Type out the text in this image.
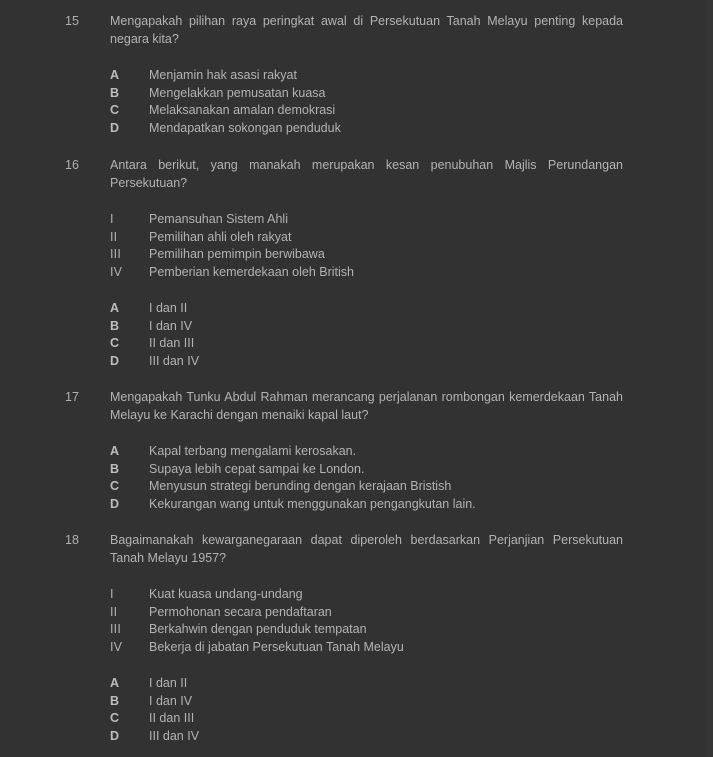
15	Mengapakah pilihan raya peringkat awal di Persekutuan Tanah Melayu penting kepada negara kita?

A	Menjamin hak asasi rakyat
B	Mengelakkan pemusatan kuasa
C	Melaksanakan amalan demokrasi
D	Mendapatkan sokongan penduduk
16	Antara berikut, yang manakah merupakan kesan penubuhan Majlis Perundangan Persekutuan?

I	Pemansuhan Sistem Ahli
II	Pemilihan ahli oleh rakyat
III	Pemilihan pemimpin berwibawa
IV	Pemberian kemerdekaan oleh British
A	I dan II
B	I dan IV
C	II dan III
D	III dan IV
17	Mengapakah Tunku Abdul Rahman merancang perjalanan rombongan kemerdekaan Tanah Melayu ke Karachi dengan menaiki kapal laut?

A	Kapal terbang mengalami kerosakan.
B	Supaya lebih cepat sampai ke London.
C	Menyusun strategi berunding dengan kerajaan Bristish
D	Kekurangan wang untuk menggunakan pengangkutan lain.
18	Bagaimanakah kewarganegaraan dapat diperoleh berdasarkan Perjanjian Persekutuan Tanah Melayu 1957?

I	Kuat kuasa undang-undang
II	Permohonan secara pendaftaran
III	Berkahwin dengan penduduk tempatan
IV	Bekerja di jabatan Persekutuan Tanah Melayu
A	I dan II
B	I dan IV
C	II dan III
D	III dan IV
